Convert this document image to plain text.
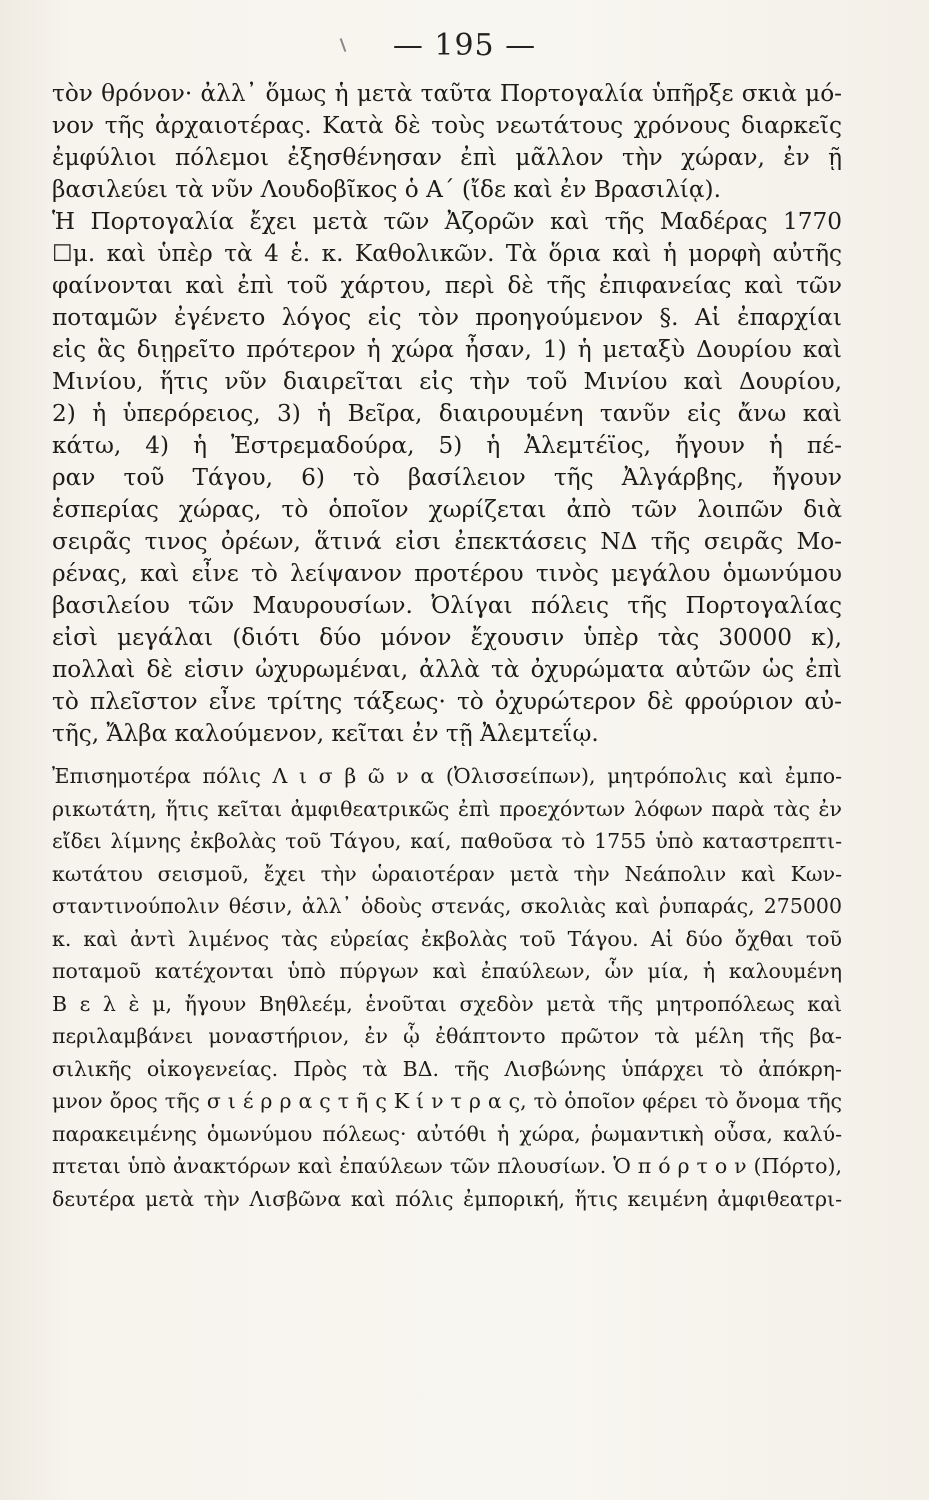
— 195 —

τὸν θρόνον· ἀλλ᾽ ὅμως ἡ μετὰ ταῦτα Πορτογαλία ὑπῆρξε σκιὰ μό-
νον τῆς ἀρχαιοτέρας. Κατὰ δὲ τοὺς νεωτάτους χρόνους διαρκεῖς
ἐμφύλιοι πόλεμοι ἐξησθένησαν ἐπὶ μᾶλλον τὴν χώραν, ἐν ῇ
βασιλεύει τὰ νῦν Λουδοβῖκος ὁ Α΄ (ἴδε καὶ ἐν Βρασιλίᾳ).

Ἡ Πορτογαλία ἔχει μετὰ τῶν Ἀζορῶν καὶ τῆς Μαδέρας 1770
☐μ. καὶ ὑπὲρ τὰ 4 ἑ. κ. Καθολικῶν. Τὰ ὅρια καὶ ἡ μορφὴ αὐτῆς
φαίνονται καὶ ἐπὶ τοῦ χάρτου, περὶ δὲ τῆς ἐπιφανείας καὶ τῶν
ποταμῶν ἐγένετο λόγος εἰς τὸν προηγούμενον §. Αἱ ἐπαρχίαι
εἰς ἃς διῃρεῖτο πρότερον ἡ χώρα ἦσαν, 1) ἡ μεταξὺ Δουρίου καὶ
Μινίου, ἥτις νῦν διαιρεῖται εἰς τὴν τοῦ Μινίου καὶ Δουρίου,
2) ἡ ὑπερόρειος, 3) ἡ Βεῖρα, διαιρουμένη τανῦν εἰς ἄνω καὶ
κάτω, 4) ἡ Ἐστρεμαδούρα, 5) ἡ Ἀλεμτέϊος, ἤγουν ἡ πέ-
ραν τοῦ Τάγου, 6) τὸ βασίλειον τῆς Ἀλγάρβης, ἤγουν
ἑσπερίας χώρας, τὸ ὁποῖον χωρίζεται ἀπὸ τῶν λοιπῶν διὰ
σειρᾶς τινος ὀρέων, ἅτινά εἰσι ἐπεκτάσεις ΝΔ τῆς σειρᾶς Μο-
ρένας, καὶ εἶνε τὸ λείψανον προτέρου τινὸς μεγάλου ὁμωνύμου
βασιλείου τῶν Μαυρουσίων. Ὀλίγαι πόλεις τῆς Πορτογαλίας
εἰσὶ μεγάλαι (διότι δύο μόνον ἔχουσιν ὑπὲρ τὰς 30000 κ),
πολλαὶ δὲ εἰσιν ὠχυρωμέναι, ἀλλὰ τὰ ὀχυρώματα αὐτῶν ὡς ἐπὶ
τὸ πλεῖστον εἶνε τρίτης τάξεως· τὸ ὀχυρώτερον δὲ φρούριον αὐ-
τῆς, Ἄλβα καλούμενον, κεῖται ἐν τῇ Ἀλεμτεΐῳ.

Ἐπισημοτέρα πόλις Λ ι σ β ῶ ν α (Ὀλισσείπων), μητρόπολις καὶ ἐμπο-
ρικωτάτη, ἥτις κεῖται ἀμφιθεατρικῶς ἐπὶ προεχόντων λόφων παρὰ τὰς ἐν
εἴδει λίμνης ἐκβολὰς τοῦ Τάγου, καί, παθοῦσα τὸ 1755 ὑπὸ καταστρεπτι-
κωτάτου σεισμοῦ, ἔχει τὴν ὡραιοτέραν μετὰ τὴν Νεάπολιν καὶ Κων-
σταντινούπολιν θέσιν, ἀλλ᾽ ὁδοὺς στενάς, σκολιὰς καὶ ῥυπαράς, 275000
κ. καὶ ἀντὶ λιμένος τὰς εὐρείας ἐκβολὰς τοῦ Τάγου. Αἱ δύο ὄχθαι τοῦ
ποταμοῦ κατέχονται ὑπὸ πύργων καὶ ἐπαύλεων, ὧν μία, ἡ καλουμένη
Β ε λ ὲ μ, ἤγουν Βηθλεέμ, ἑνοῦται σχεδὸν μετὰ τῆς μητροπόλεως καὶ
περιλαμβάνει μοναστήριον, ἐν ᾧ ἐθάπτοντο πρῶτον τὰ μέλη τῆς βα-
σιλικῆς οἰκογενείας. Πρὸς τὰ ΒΔ. τῆς Λισβώνης ὑπάρχει τὸ ἀπόκρη-
μνον ὄρος τῆς σ ι έ ρ ρ α ς τ ῆ ς Κ ί ν τ ρ α ς, τὸ ὁποῖον φέρει τὸ ὄνομα τῆς
παρακειμένης ὁμωνύμου πόλεως· αὐτόθι ἡ χώρα, ῥωμαντικὴ οὖσα, καλύ-
πτεται ὑπὸ ἀνακτόρων καὶ ἐπαύλεων τῶν πλουσίων. Ὁ π ό ρ τ ο ν (Πόρτο),
δευτέρα μετὰ τὴν Λισβῶνα καὶ πόλις ἐμπορική, ἥτις κειμένη ἀμφιθεατρι-
